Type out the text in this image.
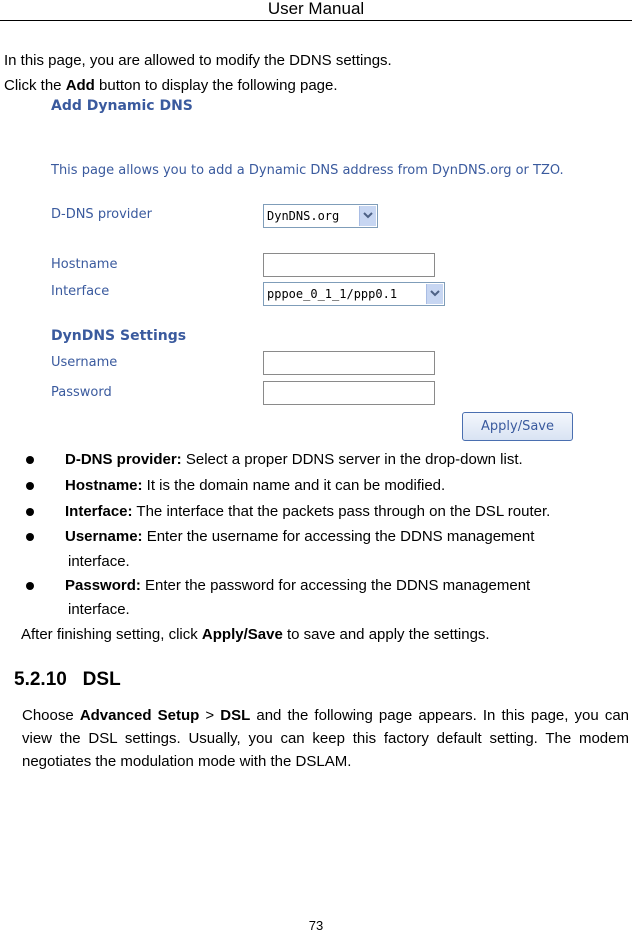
User Manual
In this page, you are allowed to modify the DDNS settings.
Click the Add button to display the following page.
Add Dynamic DNS
This page allows you to add a Dynamic DNS address from DynDNS.org or TZO.
D-DNS provider	DynDNS.org
Hostname
Interface	pppoe_0_1_1/ppp0.1
DynDNS Settings
Username
Password
Apply/Save
D-DNS provider: Select a proper DDNS server in the drop-down list.
Hostname: It is the domain name and it can be modified.
Interface: The interface that the packets pass through on the DSL router.
Username: Enter the username for accessing the DDNS management
interface.
Password: Enter the password for accessing the DDNS management
interface.
After finishing setting, click Apply/Save to save and apply the settings.
5.2.10 DSL
Choose Advanced Setup > DSL and the following page appears. In this page, you can view the DSL settings. Usually, you can keep this factory default setting. The modem negotiates the modulation mode with the DSLAM.
73
